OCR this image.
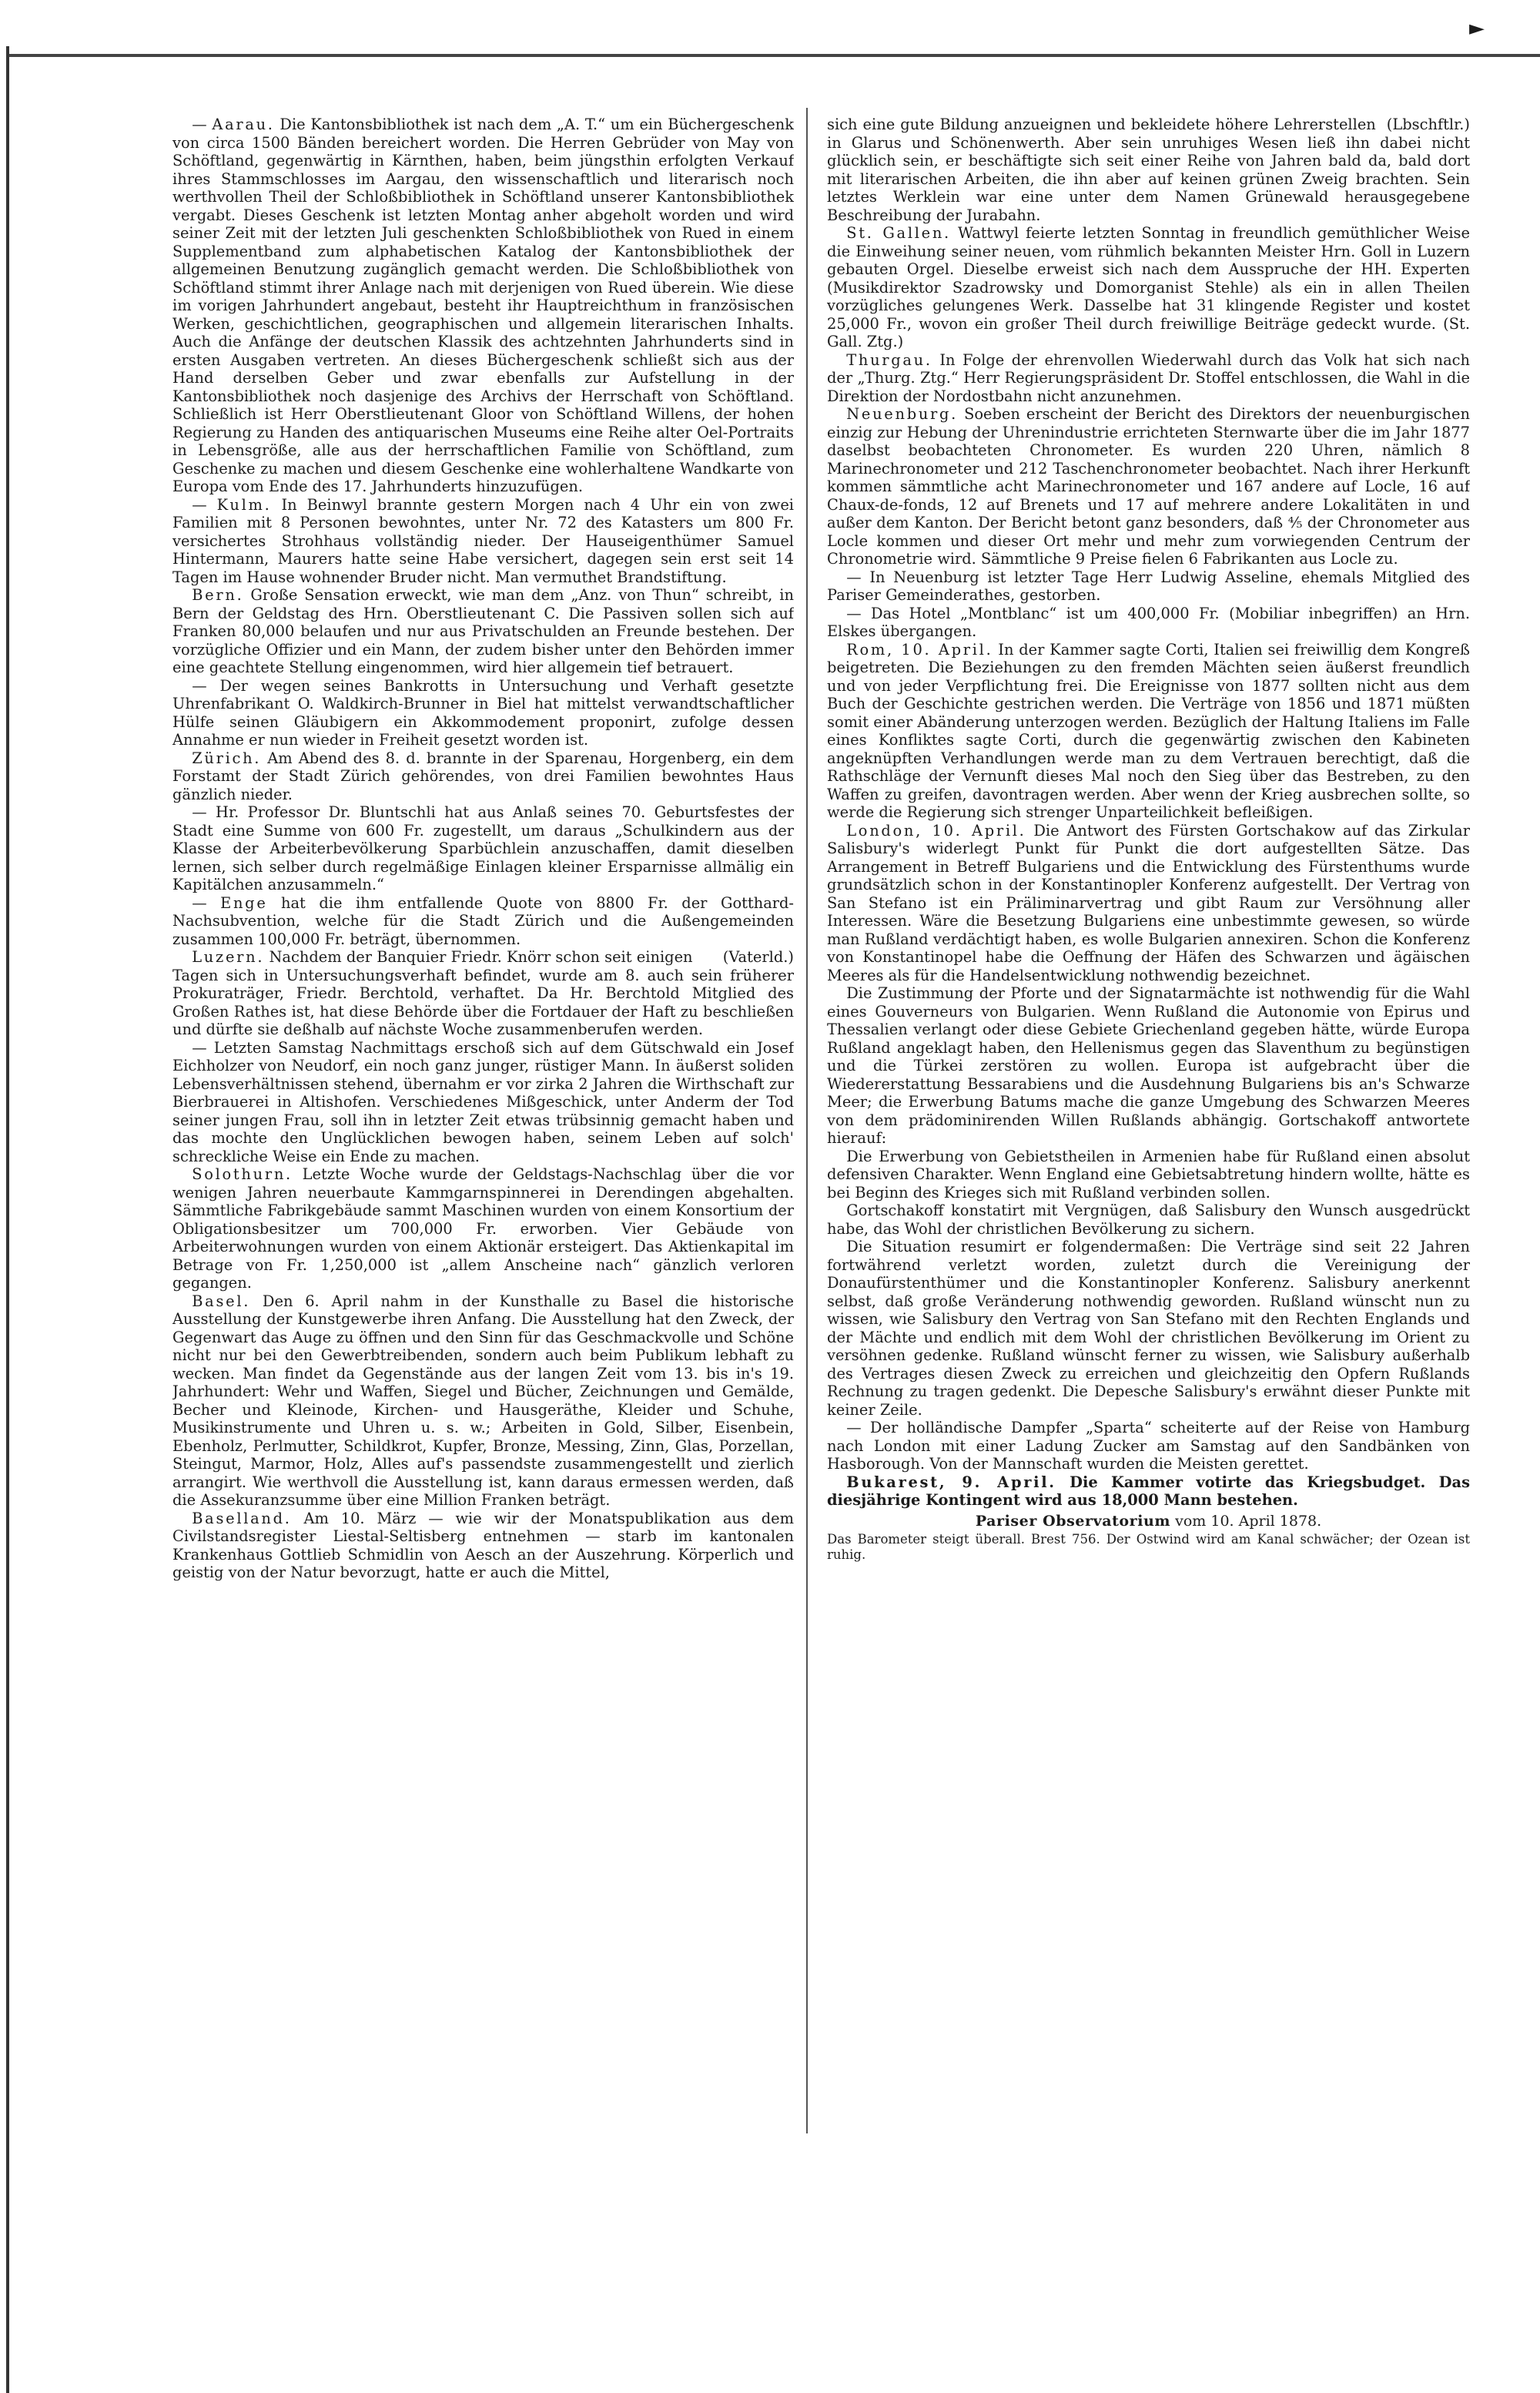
►

— Aarau. Die Kantonsbibliothek ist nach dem „A. T.“ um ein Büchergeschenk von circa 1500 Bänden bereichert worden. Die Herren Gebrüder von May von Schöftland, gegenwärtig in Kärnthen, haben, beim jüngsthin erfolgten Verkauf ihres Stammschlosses im Aargau, den wissenschaftlich und literarisch noch werthvollen Theil der Schloßbibliothek in Schöftland unserer Kantonsbibliothek vergabt. Dieses Geschenk ist letzten Montag anher abgeholt worden und wird seiner Zeit mit der letzten Juli geschenkten Schloßbibliothek von Rued in einem Supplementband zum alphabetischen Katalog der Kantonsbibliothek der allgemeinen Benutzung zugänglich gemacht werden. Die Schloßbibliothek von Schöftland stimmt ihrer Anlage nach mit derjenigen von Rued überein. Wie diese im vorigen Jahrhundert angebaut, besteht ihr Hauptreichthum in französischen Werken, geschichtlichen, geographischen und allgemein literarischen Inhalts. Auch die Anfänge der deutschen Klassik des achtzehnten Jahrhunderts sind in ersten Ausgaben vertreten. An dieses Büchergeschenk schließt sich aus der Hand derselben Geber und zwar ebenfalls zur Aufstellung in der Kantonsbibliothek noch dasjenige des Archivs der Herrschaft von Schöftland. Schließlich ist Herr Oberstlieutenant Gloor von Schöftland Willens, der hohen Regierung zu Handen des antiquarischen Museums eine Reihe alter Oel-Portraits in Lebensgröße, alle aus der herrschaftlichen Familie von Schöftland, zum Geschenke zu machen und diesem Geschenke eine wohlerhaltene Wandkarte von Europa vom Ende des 17. Jahrhunderts hinzuzufügen.

— Kulm. In Beinwyl brannte gestern Morgen nach 4 Uhr ein von zwei Familien mit 8 Personen bewohntes, unter Nr. 72 des Katasters um 800 Fr. versichertes Strohhaus vollständig nieder. Der Hauseigenthümer Samuel Hintermann, Maurers hatte seine Habe versichert, dagegen sein erst seit 14 Tagen im Hause wohnender Bruder nicht. Man vermuthet Brandstiftung.

Bern. Große Sensation erweckt, wie man dem „Anz. von Thun“ schreibt, in Bern der Geldstag des Hrn. Oberstlieutenant C. Die Passiven sollen sich auf Franken 80,000 belaufen und nur aus Privatschulden an Freunde bestehen. Der vorzügliche Offizier und ein Mann, der zudem bisher unter den Behörden immer eine geachtete Stellung eingenommen, wird hier allgemein tief betrauert.

— Der wegen seines Bankrotts in Untersuchung und Verhaft gesetzte Uhrenfabrikant O. Waldkirch-Brunner in Biel hat mittelst verwandtschaftlicher Hülfe seinen Gläubigern ein Akkommodement proponirt, zufolge dessen Annahme er nun wieder in Freiheit gesetzt worden ist.

Zürich. Am Abend des 8. d. brannte in der Sparenau, Horgenberg, ein dem Forstamt der Stadt Zürich gehörendes, von drei Familien bewohntes Haus gänzlich nieder.

— Hr. Professor Dr. Bluntschli hat aus Anlaß seines 70. Geburtsfestes der Stadt eine Summe von 600 Fr. zugestellt, um daraus „Schulkindern aus der Klasse der Arbeiterbevölkerung Sparbüchlein anzuschaffen, damit dieselben lernen, sich selber durch regelmäßige Einlagen kleiner Ersparnisse allmälig ein Kapitälchen anzusammeln.“

— Enge hat die ihm entfallende Quote von 8800 Fr. der Gotthard-Nachsubvention, welche für die Stadt Zürich und die Außengemeinden zusammen 100,000 Fr. beträgt, übernommen.

(Vaterld.)
Luzern. Nachdem der Banquier Friedr. Knörr schon seit einigen Tagen sich in Untersuchungsverhaft befindet, wurde am 8. auch sein früherer Prokuraträger, Friedr. Berchtold, verhaftet. Da Hr. Berchtold Mitglied des Großen Rathes ist, hat diese Behörde über die Fortdauer der Haft zu beschließen und dürfte sie deßhalb auf nächste Woche zusammenberufen werden.

— Letzten Samstag Nachmittags erschoß sich auf dem Gütschwald ein Josef Eichholzer von Neudorf, ein noch ganz junger, rüstiger Mann. In äußerst soliden Lebensverhältnissen stehend, übernahm er vor zirka 2 Jahren die Wirthschaft zur Bierbrauerei in Altishofen. Verschiedenes Mißgeschick, unter Anderm der Tod seiner jungen Frau, soll ihn in letzter Zeit etwas trübsinnig gemacht haben und das mochte den Unglücklichen bewogen haben, seinem Leben auf solch' schreckliche Weise ein Ende zu machen.

Solothurn. Letzte Woche wurde der Geldstags-Nachschlag über die vor wenigen Jahren neuerbaute Kammgarnspinnerei in Derendingen abgehalten. Sämmtliche Fabrikgebäude sammt Maschinen wurden von einem Konsortium der Obligationsbesitzer um 700,000 Fr. erworben. Vier Gebäude von Arbeiterwohnungen wurden von einem Aktionär ersteigert. Das Aktienkapital im Betrage von Fr. 1,250,000 ist „allem Anscheine nach“ gänzlich verloren gegangen.

Basel. Den 6. April nahm in der Kunsthalle zu Basel die historische Ausstellung der Kunstgewerbe ihren Anfang. Die Ausstellung hat den Zweck, der Gegenwart das Auge zu öffnen und den Sinn für das Geschmackvolle und Schöne nicht nur bei den Gewerbtreibenden, sondern auch beim Publikum lebhaft zu wecken. Man findet da Gegenstände aus der langen Zeit vom 13. bis in's 19. Jahrhundert: Wehr und Waffen, Siegel und Bücher, Zeichnungen und Gemälde, Becher und Kleinode, Kirchen- und Hausgeräthe, Kleider und Schuhe, Musikinstrumente und Uhren u. s. w.; Arbeiten in Gold, Silber, Eisenbein, Ebenholz, Perlmutter, Schildkrot, Kupfer, Bronze, Messing, Zinn, Glas, Porzellan, Steingut, Marmor, Holz, Alles auf's passendste zusammengestellt und zierlich arrangirt. Wie werthvoll die Ausstellung ist, kann daraus ermessen werden, daß die Assekuranzsumme über eine Million Franken beträgt.

Baselland. Am 10. März — wie wir der Monatspublikation aus dem Civilstandsregister Liestal-Seltisberg entnehmen — starb im kantonalen Krankenhaus Gottlieb Schmidlin von Aesch an der Auszehrung. Körperlich und geistig von der Natur bevorzugt, hatte er auch die Mittel,

(Lbschftlr.)
sich eine gute Bildung anzueignen und bekleidete höhere Lehrerstellen in Glarus und Schönenwerth. Aber sein unruhiges Wesen ließ ihn dabei nicht glücklich sein, er beschäftigte sich seit einer Reihe von Jahren bald da, bald dort mit literarischen Arbeiten, die ihn aber auf keinen grünen Zweig brachten. Sein letztes Werklein war eine unter dem Namen Grünewald herausgegebene Beschreibung der Jurabahn.

St. Gallen. Wattwyl feierte letzten Sonntag in freundlich gemüthlicher Weise die Einweihung seiner neuen, vom rühmlich bekannten Meister Hrn. Goll in Luzern gebauten Orgel. Dieselbe erweist sich nach dem Ausspruche der HH. Experten (Musikdirektor Szadrowsky und Domorganist Stehle) als ein in allen Theilen vorzügliches gelungenes Werk. Dasselbe hat 31 klingende Register und kostet 25,000 Fr., wovon ein großer Theil durch freiwillige Beiträge gedeckt wurde. (St. Gall. Ztg.)

Thurgau. In Folge der ehrenvollen Wiederwahl durch das Volk hat sich nach der „Thurg. Ztg.“ Herr Regierungspräsident Dr. Stoffel entschlossen, die Wahl in die Direktion der Nordostbahn nicht anzunehmen.

Neuenburg. Soeben erscheint der Bericht des Direktors der neuenburgischen einzig zur Hebung der Uhrenindustrie errichteten Sternwarte über die im Jahr 1877 daselbst beobachteten Chronometer. Es wurden 220 Uhren, nämlich 8 Marinechronometer und 212 Taschenchronometer beobachtet. Nach ihrer Herkunft kommen sämmtliche acht Marinechronometer und 167 andere auf Locle, 16 auf Chaux-de-fonds, 12 auf Brenets und 17 auf mehrere andere Lokalitäten in und außer dem Kanton. Der Bericht betont ganz besonders, daß ⁴⁄₅ der Chronometer aus Locle kommen und dieser Ort mehr und mehr zum vorwiegenden Centrum der Chronometrie wird. Sämmtliche 9 Preise fielen 6 Fabrikanten aus Locle zu.

— In Neuenburg ist letzter Tage Herr Ludwig Asseline, ehemals Mitglied des Pariser Gemeinderathes, gestorben.

— Das Hotel „Montblanc“ ist um 400,000 Fr. (Mobiliar inbegriffen) an Hrn. Elskes übergangen.

Rom, 10. April. In der Kammer sagte Corti, Italien sei freiwillig dem Kongreß beigetreten. Die Beziehungen zu den fremden Mächten seien äußerst freundlich und von jeder Verpflichtung frei. Die Ereignisse von 1877 sollten nicht aus dem Buch der Geschichte gestrichen werden. Die Verträge von 1856 und 1871 müßten somit einer Abänderung unterzogen werden. Bezüglich der Haltung Italiens im Falle eines Konfliktes sagte Corti, durch die gegenwärtig zwischen den Kabineten angeknüpften Verhandlungen werde man zu dem Vertrauen berechtigt, daß die Rathschläge der Vernunft dieses Mal noch den Sieg über das Bestreben, zu den Waffen zu greifen, davontragen werden. Aber wenn der Krieg ausbrechen sollte, so werde die Regierung sich strenger Unparteilichkeit befleißigen.

London, 10. April. Die Antwort des Fürsten Gortschakow auf das Zirkular Salisbury's widerlegt Punkt für Punkt die dort aufgestellten Sätze. Das Arrangement in Betreff Bulgariens und die Entwicklung des Fürstenthums wurde grundsätzlich schon in der Konstantinopler Konferenz aufgestellt. Der Vertrag von San Stefano ist ein Präliminarvertrag und gibt Raum zur Versöhnung aller Interessen. Wäre die Besetzung Bulgariens eine unbestimmte gewesen, so würde man Rußland verdächtigt haben, es wolle Bulgarien annexiren. Schon die Konferenz von Konstantinopel habe die Oeffnung der Häfen des Schwarzen und ägäischen Meeres als für die Handelsentwicklung nothwendig bezeichnet.

Die Zustimmung der Pforte und der Signatarmächte ist nothwendig für die Wahl eines Gouverneurs von Bulgarien. Wenn Rußland die Autonomie von Epirus und Thessalien verlangt oder diese Gebiete Griechenland gegeben hätte, würde Europa Rußland angeklagt haben, den Hellenismus gegen das Slaventhum zu begünstigen und die Türkei zerstören zu wollen. Europa ist aufgebracht über die Wiedererstattung Bessarabiens und die Ausdehnung Bulgariens bis an's Schwarze Meer; die Erwerbung Batums mache die ganze Umgebung des Schwarzen Meeres von dem prädominirenden Willen Rußlands abhängig. Gortschakoff antwortete hierauf:

Die Erwerbung von Gebietstheilen in Armenien habe für Rußland einen absolut defensiven Charakter. Wenn England eine Gebietsabtretung hindern wollte, hätte es bei Beginn des Krieges sich mit Rußland verbinden sollen.

Gortschakoff konstatirt mit Vergnügen, daß Salisbury den Wunsch ausgedrückt habe, das Wohl der christlichen Bevölkerung zu sichern.

Die Situation resumirt er folgendermaßen: Die Verträge sind seit 22 Jahren fortwährend verletzt worden, zuletzt durch die Vereinigung der Donaufürstenthümer und die Konstantinopler Konferenz. Salisbury anerkennt selbst, daß große Veränderung nothwendig geworden. Rußland wünscht nun zu wissen, wie Salisbury den Vertrag von San Stefano mit den Rechten Englands und der Mächte und endlich mit dem Wohl der christlichen Bevölkerung im Orient zu versöhnen gedenke. Rußland wünscht ferner zu wissen, wie Salisbury außerhalb des Vertrages diesen Zweck zu erreichen und gleichzeitig den Opfern Rußlands Rechnung zu tragen gedenkt. Die Depesche Salisbury's erwähnt dieser Punkte mit keiner Zeile.

— Der holländische Dampfer „Sparta“ scheiterte auf der Reise von Hamburg nach London mit einer Ladung Zucker am Samstag auf den Sandbänken von Hasborough. Von der Mannschaft wurden die Meisten gerettet.

Bukarest, 9. April. Die Kammer votirte das Kriegsbudget. Das diesjährige Kontingent wird aus 18,000 Mann bestehen.

Pariser Observatorium vom 10. April 1878.

Das Barometer steigt überall. Brest 756. Der Ostwind wird am Kanal schwächer; der Ozean ist ruhig.
